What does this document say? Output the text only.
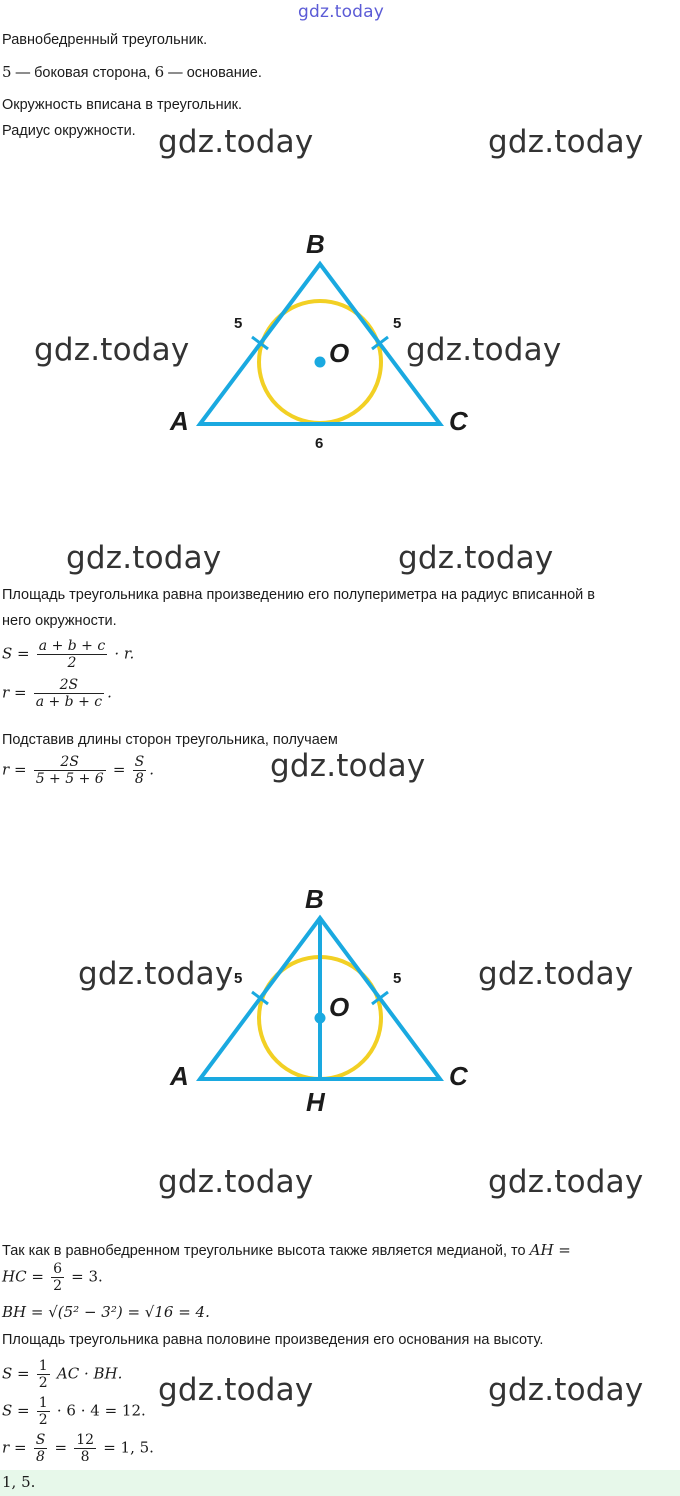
gdz.today
gdz.today	gdz.today
gdz.today	gdz.today
gdz.today	gdz.today
gdz.today
gdz.today	gdz.today
gdz.today	gdz.today
gdz.today	gdz.today
Равнобедренный треугольник.
5 — боковая сторона, 6 — основание.
Окружность вписана в треугольник.
Радиус окружности.
B
A	C
O
5	5
6
Площадь треугольника равна произведению его полупериметра на радиус вписанной в
него окружности.
$S = \frac{a + b + c}{2} \cdot r$.
$r = \frac{2S}{a + b + c}$ .
Подставив длины сторон треугольника, получаем
$r = \frac{2S}{5 + 5 + 6} = \frac{S}{8}$ .
B
A	C
H
O
5	5
Так как в равнобедренном треугольнике высота также является медианой, то AH =
HC = $\frac{6}{2} = 3$.
BH = √(5² − 3²) = √16 = 4.
Площадь треугольника равна половине произведения его основания на высоту.
$S = \frac{1}{2}$ AC · BH.
$S = \frac{1}{2} \cdot 6 \cdot 4 = 12$.
$r = \frac{S}{8} = \frac{12}{8} = 1$, 5.
1, 5.
